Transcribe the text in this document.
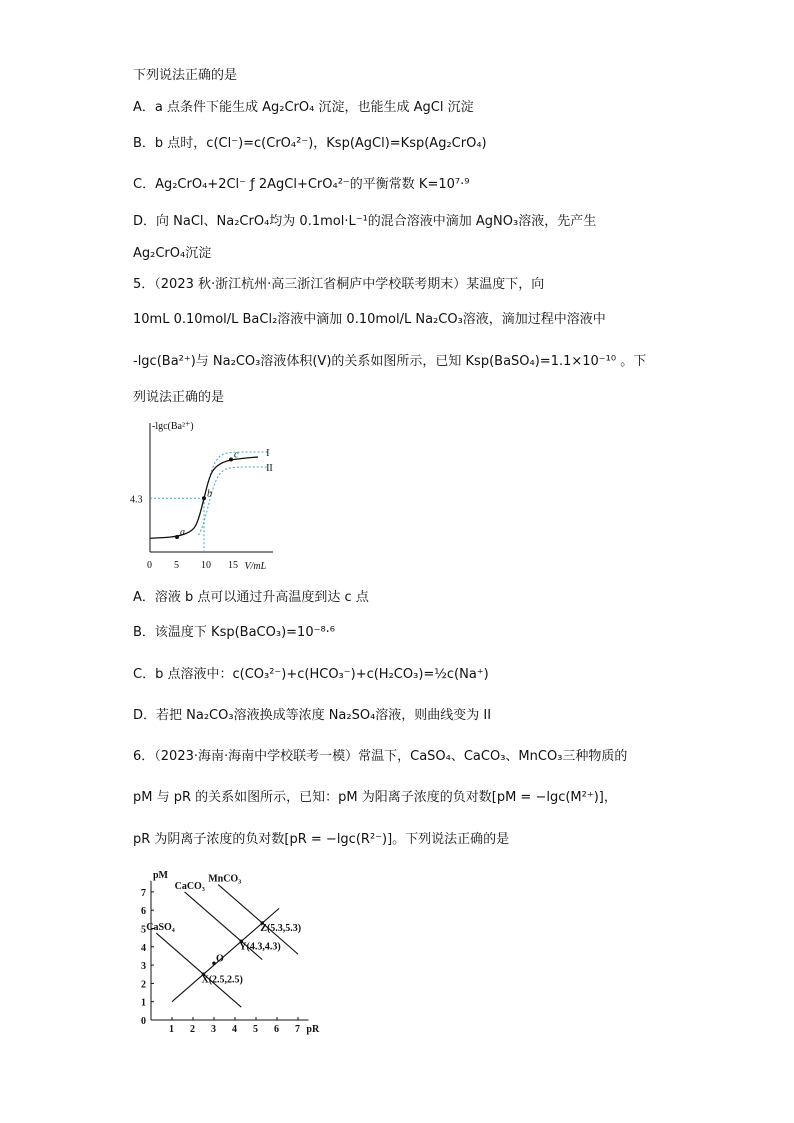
下列说法正确的是
A．a 点条件下能生成 Ag₂CrO₄ 沉淀，也能生成 AgCl 沉淀
B．b 点时，c(Cl⁻)=c(CrO₄²⁻)，Ksp(AgCl)=Ksp(Ag₂CrO₄)
C．Ag₂CrO₄+2Cl⁻ ƒ 2AgCl+CrO₄²⁻的平衡常数 K=10⁷·⁹
D．向 NaCl、Na₂CrO₄均为 0.1mol·L⁻¹的混合溶液中滴加 AgNO₃溶液，先产生
Ag₂CrO₄沉淀
5．（2023 秋·浙江杭州·高三浙江省桐庐中学校联考期末）某温度下，向
10mL 0.10mol/L BaCl₂溶液中滴加 0.10mol/L Na₂CO₃溶液，滴加过程中溶液中
-lgc(Ba²⁺)与 Na₂CO₃溶液体积(V)的关系如图所示，已知 Ksp(BaSO₄)=1.1×10⁻¹⁰ 。下
列说法正确的是
-lgc(Ba²⁺)
V/mL
0 5 10 15
4.3
I
II
a
b
c
A．溶液 b 点可以通过升高温度到达 c 点
B．该温度下 Ksp(BaCO₃)=10⁻⁸·⁶
C．b 点溶液中：c(CO₃²⁻)+c(HCO₃⁻)+c(H₂CO₃)=½c(Na⁺)
D．若把 Na₂CO₃溶液换成等浓度 Na₂SO₄溶液，则曲线变为 II
6．（2023·海南·海南中学校联考一模）常温下，CaSO₄、CaCO₃、MnCO₃三种物质的
pM 与 pR 的关系如图所示，已知：pM 为阳离子浓度的负对数[pM = −lgc(M²⁺)]，
pR 为阴离子浓度的负对数[pR = −lgc(R²⁻)]。下列说法正确的是
pM
pR
1 2 3 4 5 6 7
0
1
2
3
4
5
6
7
CaSO₄
CaCO₃
MnCO₃
X(2.5,2.5)
Y(4.3,4.3)
Z(5.3,5.3)
O
